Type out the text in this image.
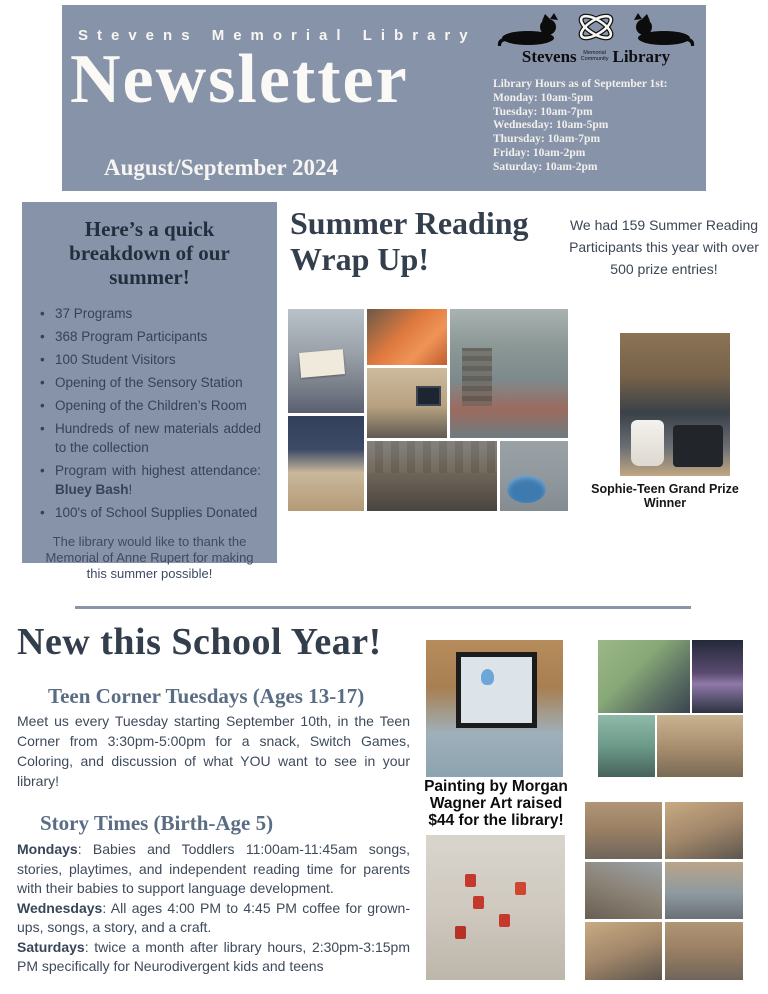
Stevens Memorial Library
Newsletter
August/September 2024
Stevens	Memorial
Community Library
Library Hours as of September 1st:
Monday: 10am-5pm
Tuesday: 10am-7pm
Wednesday: 10am-5pm
Thursday: 10am-7pm
Friday: 10am-2pm
Saturday: 10am-2pm
Here’s a quick breakdown of our summer!
• 37 Programs
• 368 Program Participants
• 100 Student Visitors
• Opening of the Sensory Station
• Opening of the Children’s Room
• Hundreds of new materials added to the collection
• Program with highest attendance: Bluey Bash!
• 100's of School Supplies Donated

The library would like to thank the Memorial of Anne Rupert for making this summer possible!

Summer Reading Wrap Up!

We had 159 Summer Reading Participants this year with over 500 prize entries!

Sophie-Teen Grand Prize Winner
New this School Year!
Teen Corner Tuesdays (Ages 13-17)

Meet us every Tuesday starting September 10th, in the Teen Corner from 3:30pm-5:00pm for a snack, Switch Games, Coloring, and discussion of what YOU want to see in your library!

Story Times (Birth-Age 5)

Mondays: Babies and Toddlers 11:00am-11:45am songs, stories, playtimes, and independent reading time for parents with their babies to support language development.

Wednesdays: All ages 4:00 PM to 4:45 PM coffee for grown-ups, songs, a story, and a craft.

Saturdays: twice a month after library hours, 2:30pm-3:15pm PM specifically for Neurodivergent kids and teens

Painting by Morgan Wagner Art raised $44 for the library!
